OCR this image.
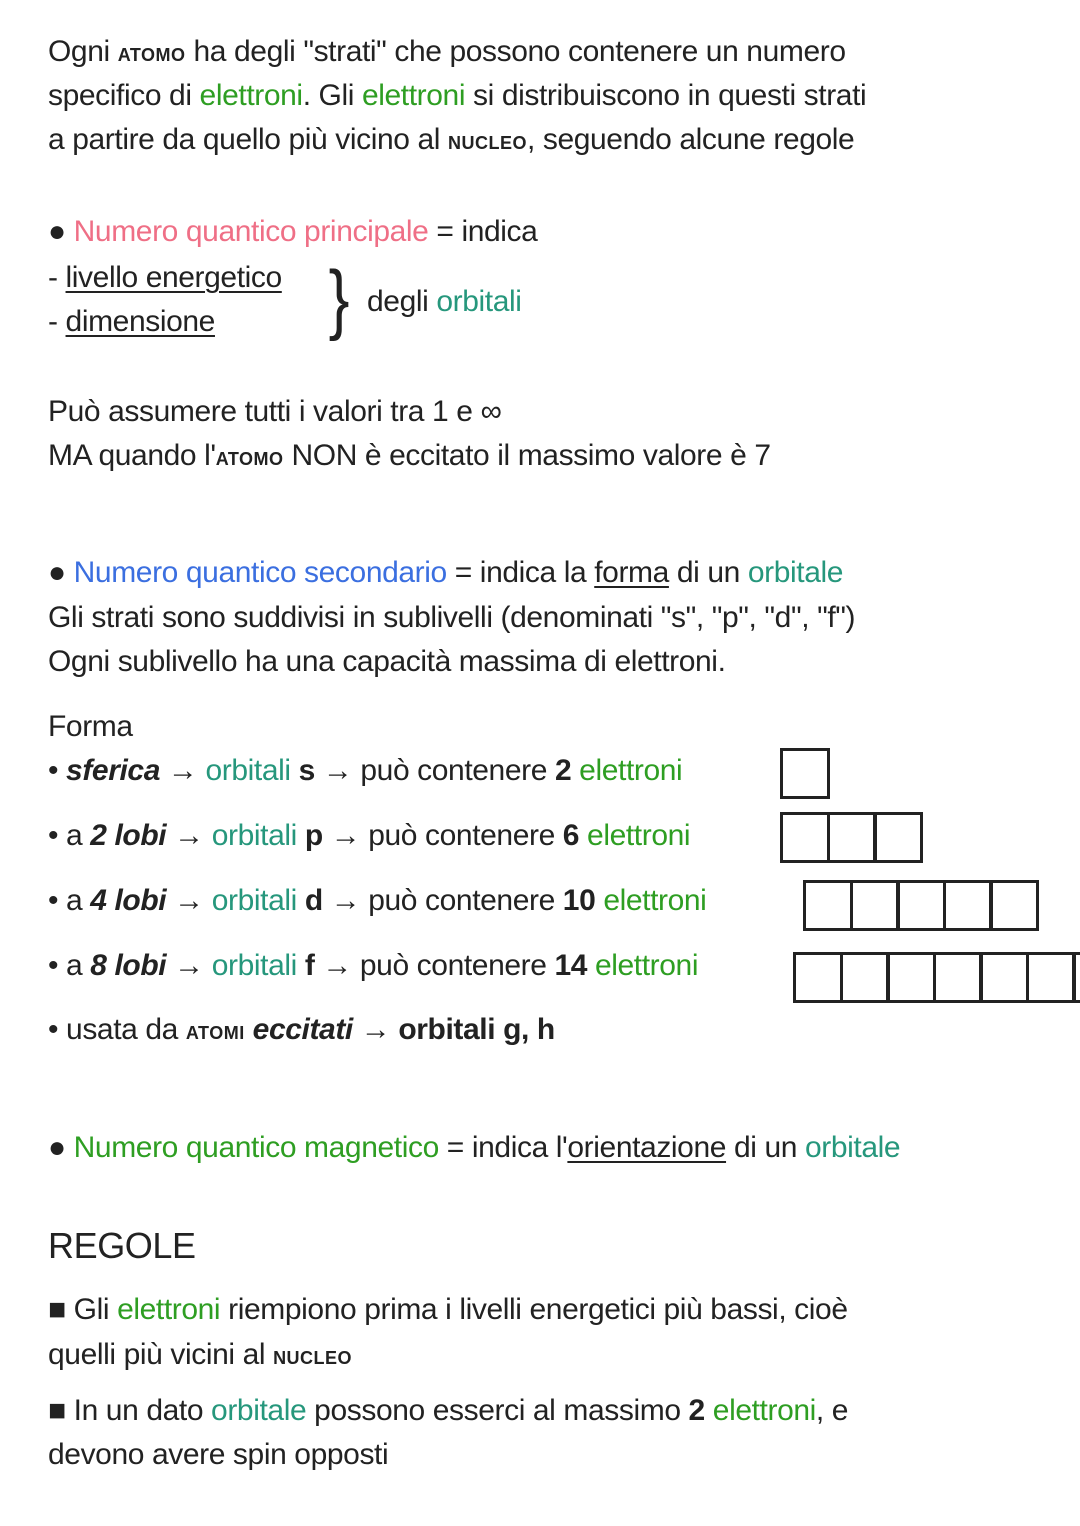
}
Ogni atomo ha degli "strati" che possono contenere un numero
specifico di elettroni. Gli elettroni si distribuiscono in questi strati
a partire da quello più vicino al nucleo, seguendo alcune regole
● Numero quantico principale = indica
- livello energetico
- dimensione
degli orbitali
Può assumere tutti i valori tra 1 e ∞
MA quando l'atomo NON è eccitato il massimo valore è 7
● Numero quantico secondario = indica la forma di un orbitale
Gli strati sono suddivisi in sublivelli (denominati "s", "p", "d", "f")
Ogni sublivello ha una capacità massima di elettroni.
Forma
• sferica → orbitali s → può contenere 2 elettroni
• a 2 lobi → orbitali p → può contenere 6 elettroni
• a 4 lobi → orbitali d → può contenere 10 elettroni
• a 8 lobi → orbitali f → può contenere 14 elettroni
• usata da atomi eccitati → orbitali g, h
● Numero quantico magnetico = indica l'orientazione di un orbitale
REGOLE
■ Gli elettroni riempiono prima i livelli energetici più bassi, cioè
quelli più vicini al nucleo
■ In un dato orbitale possono esserci al massimo 2 elettroni, e
devono avere spin opposti
